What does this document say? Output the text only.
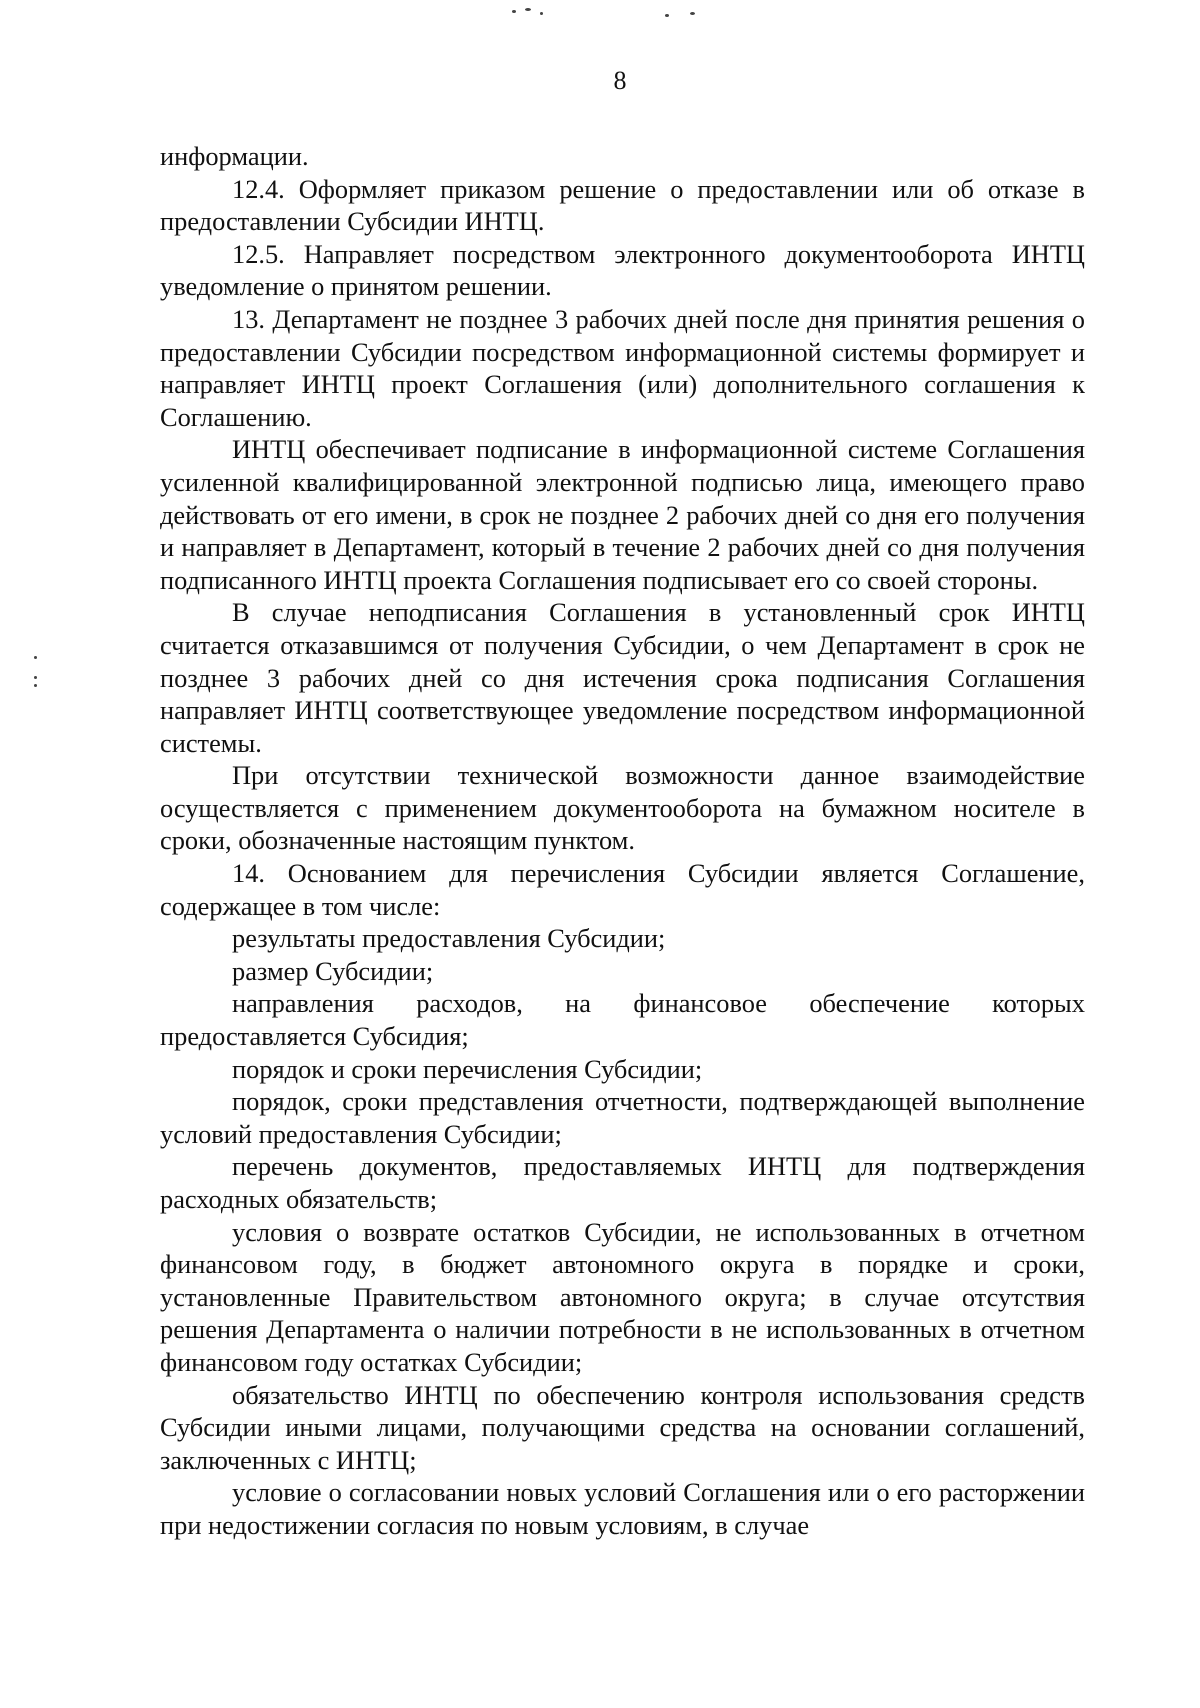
8

информации.

12.4. Оформляет приказом решение о предоставлении или об отказе в предоставлении Субсидии ИНТЦ.

12.5. Направляет посредством электронного документооборота ИНТЦ уведомление о принятом решении.

13. Департамент не позднее 3 рабочих дней после дня принятия решения о предоставлении Субсидии посредством информационной системы формирует и направляет ИНТЦ проект Соглашения (или) дополнительного соглашения к Соглашению.

ИНТЦ обеспечивает подписание в информационной системе Соглашения усиленной квалифицированной электронной подписью лица, имеющего право действовать от его имени, в срок не позднее 2 рабочих дней со дня его получения и направляет в Департамент, который в течение 2 рабочих дней со дня получения подписанного ИНТЦ проекта Соглашения подписывает его со своей стороны.

В случае неподписания Соглашения в установленный срок ИНТЦ считается отказавшимся от получения Субсидии, о чем Департамент в срок не позднее 3 рабочих дней со дня истечения срока подписания Соглашения направляет ИНТЦ соответствующее уведомление посредством информационной системы.

При отсутствии технической возможности данное взаимодействие осуществляется с применением документооборота на бумажном носителе в сроки, обозначенные настоящим пунктом.

14. Основанием для перечисления Субсидии является Соглашение, содержащее в том числе:

результаты предоставления Субсидии;

размер Субсидии;

направления расходов, на финансовое обеспечение которых предоставляется Субсидия;

порядок и сроки перечисления Субсидии;

порядок, сроки представления отчетности, подтверждающей выполнение условий предоставления Субсидии;

перечень документов, предоставляемых ИНТЦ для подтверждения расходных обязательств;

условия о возврате остатков Субсидии, не использованных в отчетном финансовом году, в бюджет автономного округа в порядке и сроки, установленные Правительством автономного округа; в случае отсутствия решения Департамента о наличии потребности в не использованных в отчетном финансовом году остатках Субсидии;

обязательство ИНТЦ по обеспечению контроля использования средств Субсидии иными лицами, получающими средства на основании соглашений, заключенных с ИНТЦ;

условие о согласовании новых условий Соглашения или о его расторжении при недостижении согласия по новым условиям, в случае
